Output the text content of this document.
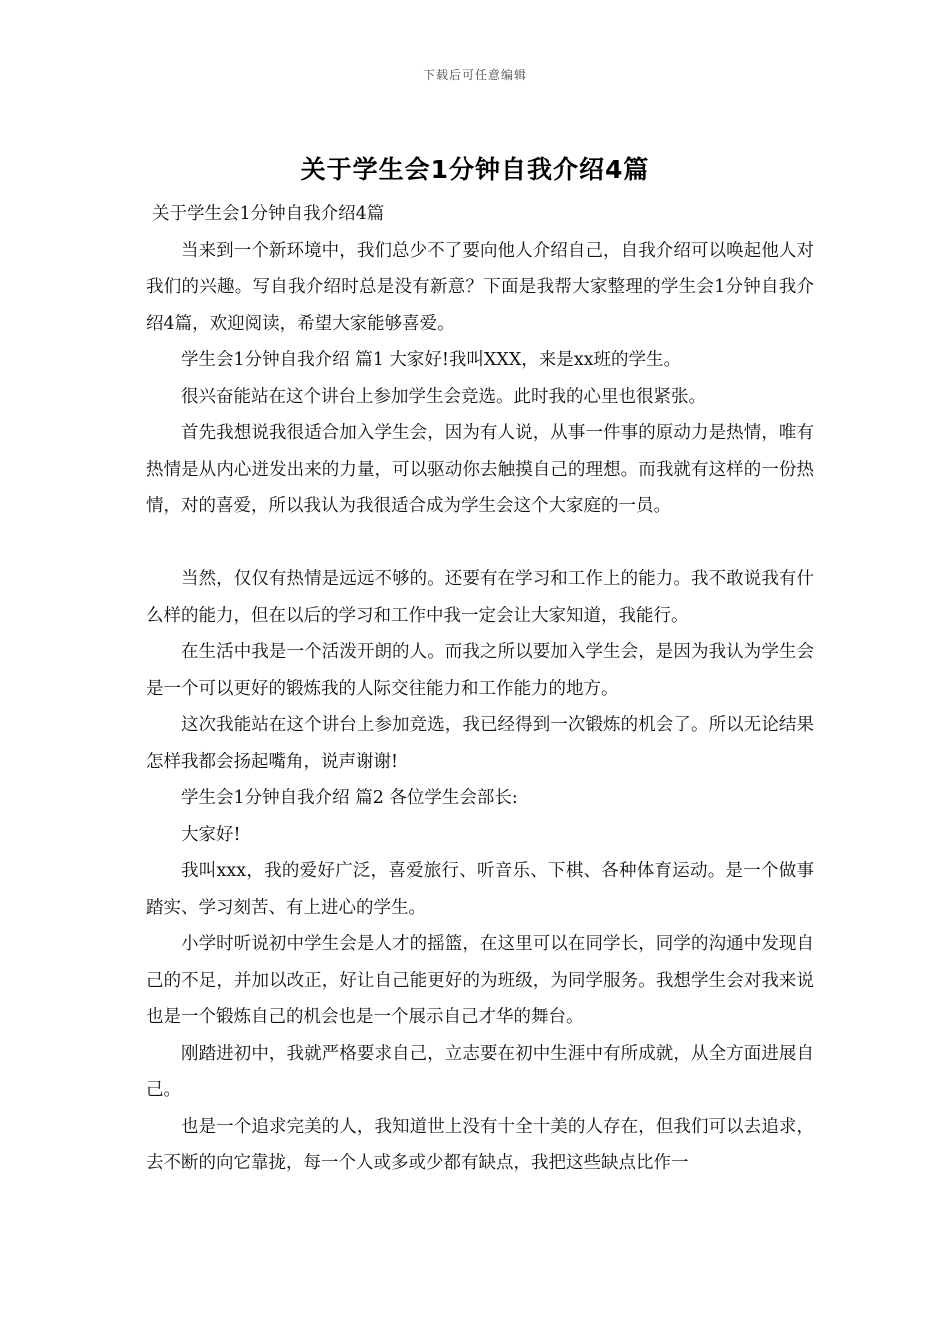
下载后可任意编辑
关于学生会1分钟自我介绍4篇

关于学生会1分钟自我介绍4篇

当来到一个新环境中，我们总少不了要向他人介绍自己，自我介绍可以唤起他人对我们的兴趣。写自我介绍时总是没有新意？下面是我帮大家整理的学生会1分钟自我介绍4篇，欢迎阅读，希望大家能够喜爱。

学生会1分钟自我介绍 篇1 大家好!我叫XXX，来是xx班的学生。

很兴奋能站在这个讲台上参加学生会竞选。此时我的心里也很紧张。

首先我想说我很适合加入学生会，因为有人说，从事一件事的原动力是热情，唯有热情是从内心迸发出来的力量，可以驱动你去触摸自己的理想。而我就有这样的一份热情，对的喜爱，所以我认为我很适合成为学生会这个大家庭的一员。

当然，仅仅有热情是远远不够的。还要有在学习和工作上的能力。我不敢说我有什么样的能力，但在以后的学习和工作中我一定会让大家知道，我能行。

在生活中我是一个活泼开朗的人。而我之所以要加入学生会，是因为我认为学生会是一个可以更好的锻炼我的人际交往能力和工作能力的地方。

这次我能站在这个讲台上参加竞选，我已经得到一次锻炼的机会了。所以无论结果怎样我都会扬起嘴角，说声谢谢!

学生会1分钟自我介绍 篇2 各位学生会部长:

大家好!

我叫xxx，我的爱好广泛，喜爱旅行、听音乐、下棋、各种体育运动。是一个做事踏实、学习刻苦、有上进心的学生。

小学时听说初中学生会是人才的摇篮，在这里可以在同学长，同学的沟通中发现自己的不足，并加以改正，好让自己能更好的为班级，为同学服务。我想学生会对我来说也是一个锻炼自己的机会也是一个展示自己才华的舞台。

刚踏进初中，我就严格要求自己，立志要在初中生涯中有所成就，从全方面进展自己。

也是一个追求完美的人，我知道世上没有十全十美的人存在，但我们可以去追求，去不断的向它靠拢，每一个人或多或少都有缺点，我把这些缺点比作一
